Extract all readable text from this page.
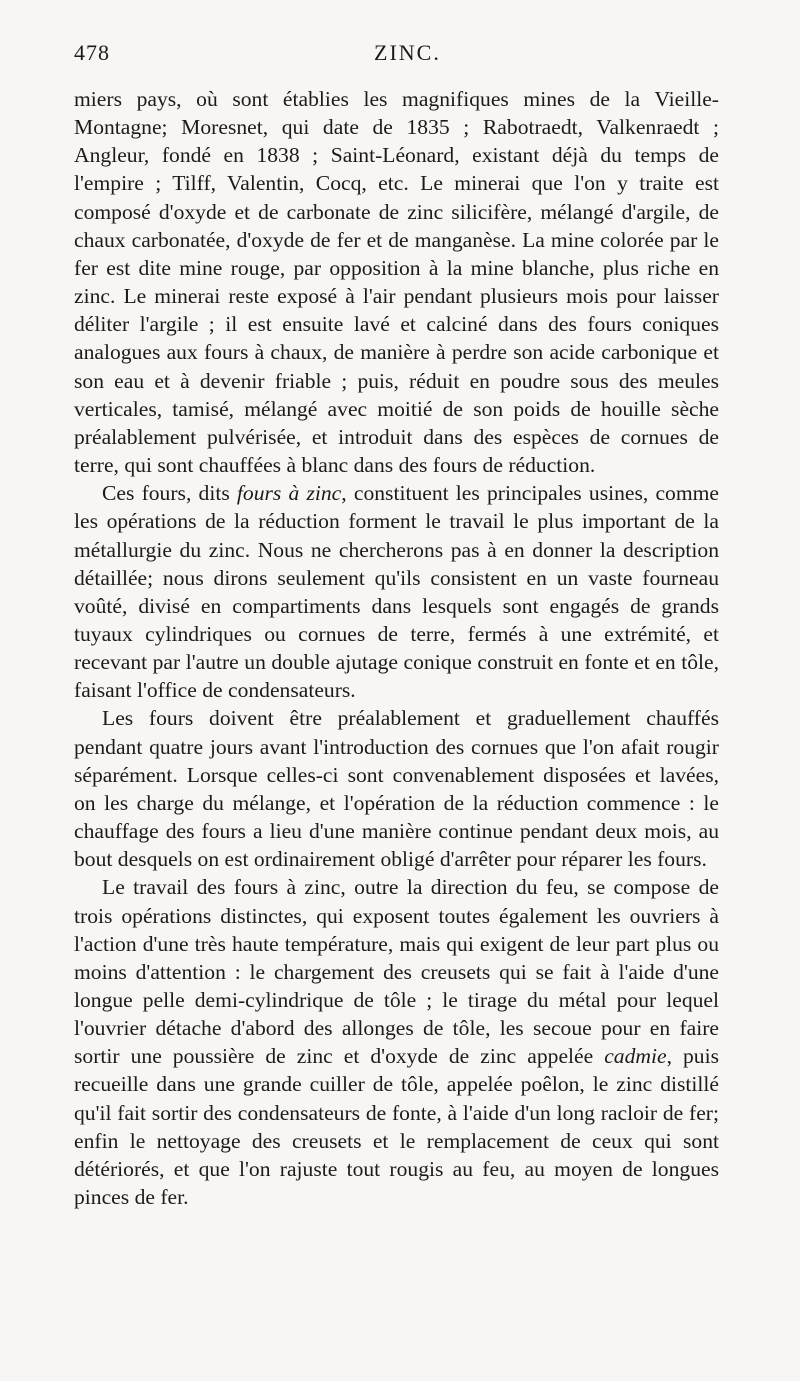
478	ZINC.

miers pays, où sont établies les magnifiques mines de la Vieille-Montagne; Moresnet, qui date de 1835 ; Rabotraedt, Valkenraedt ; Angleur, fondé en 1838 ; Saint-Léonard, existant déjà du temps de l'empire ; Tilff, Valentin, Cocq, etc. Le minerai que l'on y traite est composé d'oxyde et de carbonate de zinc silicifère, mélangé d'argile, de chaux carbonatée, d'oxyde de fer et de manganèse. La mine colorée par le fer est dite mine rouge, par opposition à la mine blanche, plus riche en zinc. Le minerai reste exposé à l'air pendant plusieurs mois pour laisser déliter l'argile ; il est ensuite lavé et calciné dans des fours coniques analogues aux fours à chaux, de manière à perdre son acide carbonique et son eau et à devenir friable ; puis, réduit en poudre sous des meules verticales, tamisé, mélangé avec moitié de son poids de houille sèche préalablement pulvérisée, et introduit dans des espèces de cornues de terre, qui sont chauffées à blanc dans des fours de réduction.

Ces fours, dits fours à zinc, constituent les principales usines, comme les opérations de la réduction forment le travail le plus important de la métallurgie du zinc. Nous ne chercherons pas à en donner la description détaillée; nous dirons seulement qu'ils consistent en un vaste fourneau voûté, divisé en compartiments dans lesquels sont engagés de grands tuyaux cylindriques ou cornues de terre, fermés à une extrémité, et recevant par l'autre un double ajutage conique construit en fonte et en tôle, faisant l'office de condensateurs.

Les fours doivent être préalablement et graduellement chauffés pendant quatre jours avant l'introduction des cornues que l'on afait rougir séparément. Lorsque celles-ci sont convenablement disposées et lavées, on les charge du mélange, et l'opération de la réduction commence : le chauffage des fours a lieu d'une manière continue pendant deux mois, au bout desquels on est ordinairement obligé d'arrêter pour réparer les fours.

Le travail des fours à zinc, outre la direction du feu, se compose de trois opérations distinctes, qui exposent toutes également les ouvriers à l'action d'une très haute température, mais qui exigent de leur part plus ou moins d'attention : le chargement des creusets qui se fait à l'aide d'une longue pelle demi-cylindrique de tôle ; le tirage du métal pour lequel l'ouvrier détache d'abord des allonges de tôle, les secoue pour en faire sortir une poussière de zinc et d'oxyde de zinc appelée cadmie, puis recueille dans une grande cuiller de tôle, appelée poêlon, le zinc distillé qu'il fait sortir des condensateurs de fonte, à l'aide d'un long racloir de fer; enfin le nettoyage des creusets et le remplacement de ceux qui sont détériorés, et que l'on rajuste tout rougis au feu, au moyen de longues pinces de fer.
